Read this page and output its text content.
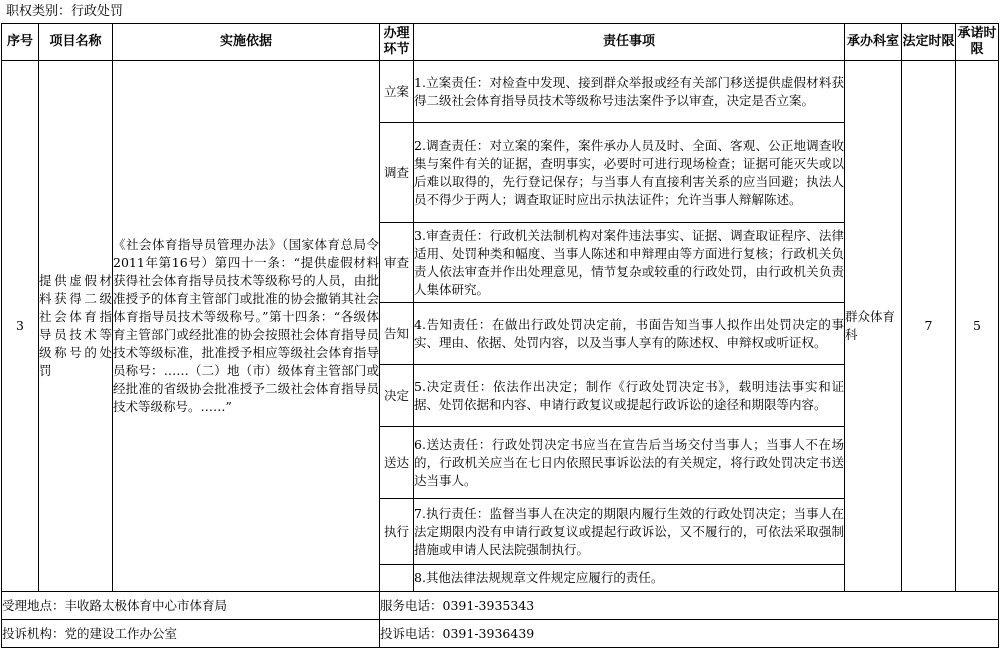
职权类别：行政处罚
序号	项目名称	实施依据	办理环节	责任事项	承办科室	法定时限	承诺时限
3	提供虚假材料获得二级社会体育指导员技术等级称号的处罚	《社会体育指导员管理办法》（国家体育总局令2011年第16号）第四十一条：“提供虚假材料获得社会体育指导员技术等级称号的人员，由批准授予的体育主管部门或批准的协会撤销其社会体育指导员技术等级称号。”第十四条：“各级体育主管部门或经批准的协会按照社会体育指导员技术等级标准，批准授予相应等级社会体育指导员称号：……（二）地（市）级体育主管部门或经批准的省级协会批准授予二级社会体育指导员技术等级称号。……”	立案	1.立案责任：对检查中发现、接到群众举报或经有关部门移送提供虚假材料获得二级社会体育指导员技术等级称号违法案件予以审查，决定是否立案。	群众体育科	7	5
			调查	2.调查责任：对立案的案件，案件承办人员及时、全面、客观、公正地调查收集与案件有关的证据，查明事实，必要时可进行现场检查；证据可能灭失或以后难以取得的，先行登记保存；与当事人有直接利害关系的应当回避；执法人员不得少于两人；调查取证时应出示执法证件；允许当事人辩解陈述。			
			审查	3.审查责任：行政机关法制机构对案件违法事实、证据、调查取证程序、法律适用、处罚种类和幅度、当事人陈述和申辩理由等方面进行复核；行政机关负责人依法审查并作出处理意见，情节复杂或较重的行政处罚，由行政机关负责人集体研究。			
			告知	4.告知责任：在做出行政处罚决定前，书面告知当事人拟作出处罚决定的事实、理由、依据、处罚内容，以及当事人享有的陈述权、申辩权或听证权。			
			决定	5.决定责任：依法作出决定；制作《行政处罚决定书》，载明违法事实和证据、处罚依据和内容、申请行政复议或提起行政诉讼的途径和期限等内容。			
			送达	6.送达责任：行政处罚决定书应当在宣告后当场交付当事人；当事人不在场的，行政机关应当在七日内依照民事诉讼法的有关规定，将行政处罚决定书送达当事人。			
			执行	7.执行责任：监督当事人在决定的期限内履行生效的行政处罚决定；当事人在法定期限内没有申请行政复议或提起行政诉讼，又不履行的，可依法采取强制措施或申请人民法院强制执行。			
				8.其他法律法规规章文件规定应履行的责任。			
受理地点：丰收路太极体育中心市体育局			服务电话：0391-3935343				
投诉机构：党的建设工作办公室			投诉电话：0391-3936439				
